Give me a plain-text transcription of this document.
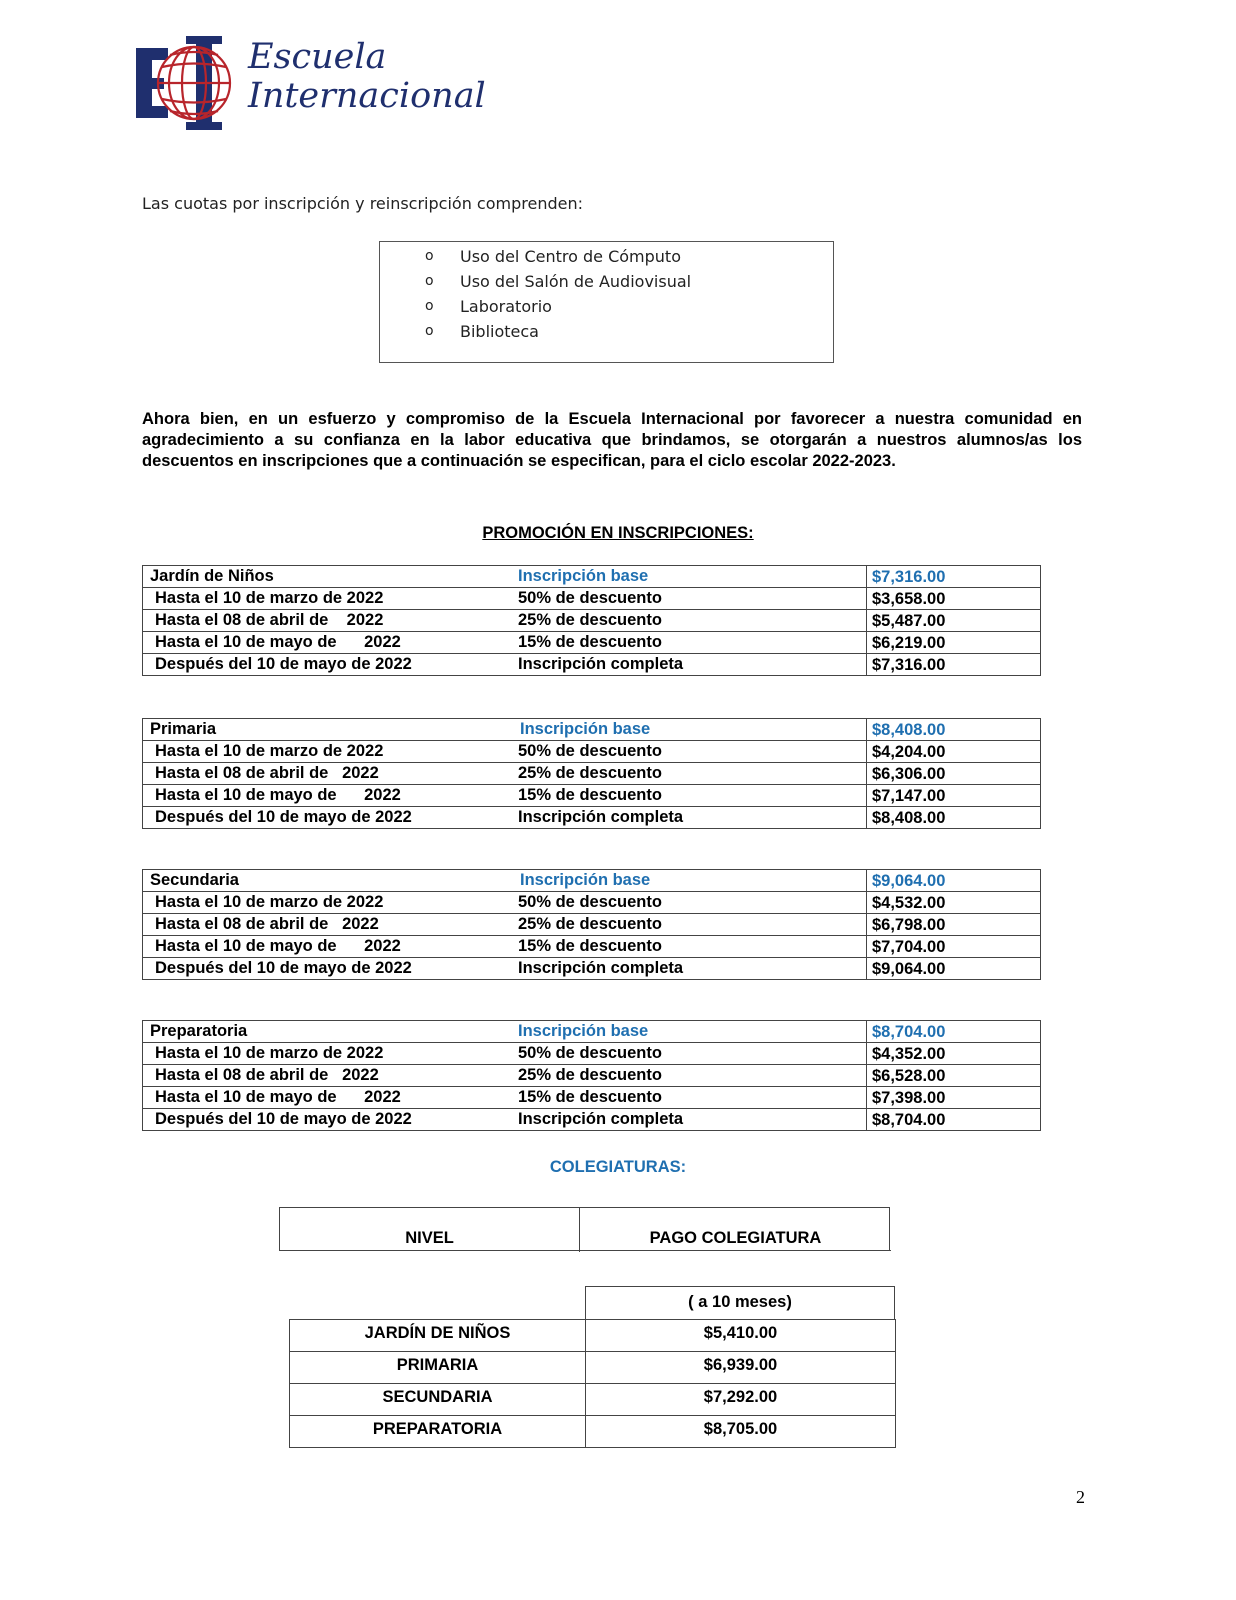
Escuela
Internacional
Las cuotas por inscripción y reinscripción comprenden:
o Uso del Centro de Cómputo
o Uso del Salón de Audiovisual
o Laboratorio
o Biblioteca
Ahora bien, en un esfuerzo y compromiso de la Escuela Internacional por favorecer a nuestra comunidad en agradecimiento a su confianza en la labor educativa que brindamos, se otorgarán a nuestros alumnos/as los descuentos en inscripciones que a continuación se especifican, para el ciclo escolar 2022-2023.
PROMOCIÓN EN INSCRIPCIONES:
Jardín de Niños Inscripción base	$7,316.00

Hasta el 10 de marzo de 2022 50% de descuento	$3,658.00

Hasta el 08 de abril de    2022 25% de descuento	$5,487.00

Hasta el 10 de mayo de      2022 15% de descuento	$6,219.00

Después del 10 de mayo de 2022 Inscripción completa	$7,316.00
Primaria Inscripción base	$8,408.00

Hasta el 10 de marzo de 2022 50% de descuento	$4,204.00

Hasta el 08 de abril de   2022 25% de descuento	$6,306.00

Hasta el 10 de mayo de      2022 15% de descuento	$7,147.00

Después del 10 de mayo de 2022 Inscripción completa	$8,408.00
Secundaria Inscripción base	$9,064.00

Hasta el 10 de marzo de 2022 50% de descuento	$4,532.00

Hasta el 08 de abril de   2022 25% de descuento	$6,798.00

Hasta el 10 de mayo de      2022 15% de descuento	$7,704.00

Después del 10 de mayo de 2022 Inscripción completa	$9,064.00
Preparatoria Inscripción base	$8,704.00

Hasta el 10 de marzo de 2022 50% de descuento	$4,352.00

Hasta el 08 de abril de   2022 25% de descuento	$6,528.00

Hasta el 10 de mayo de      2022 15% de descuento	$7,398.00

Después del 10 de mayo de 2022 Inscripción completa	$8,704.00
COLEGIATURAS:
NIVEL	PAGO COLEGIATURA
( a 10 meses)
JARDÍN DE NIÑOS	$5,410.00
PRIMARIA	$6,939.00
SECUNDARIA	$7,292.00
PREPARATORIA	$8,705.00
2
